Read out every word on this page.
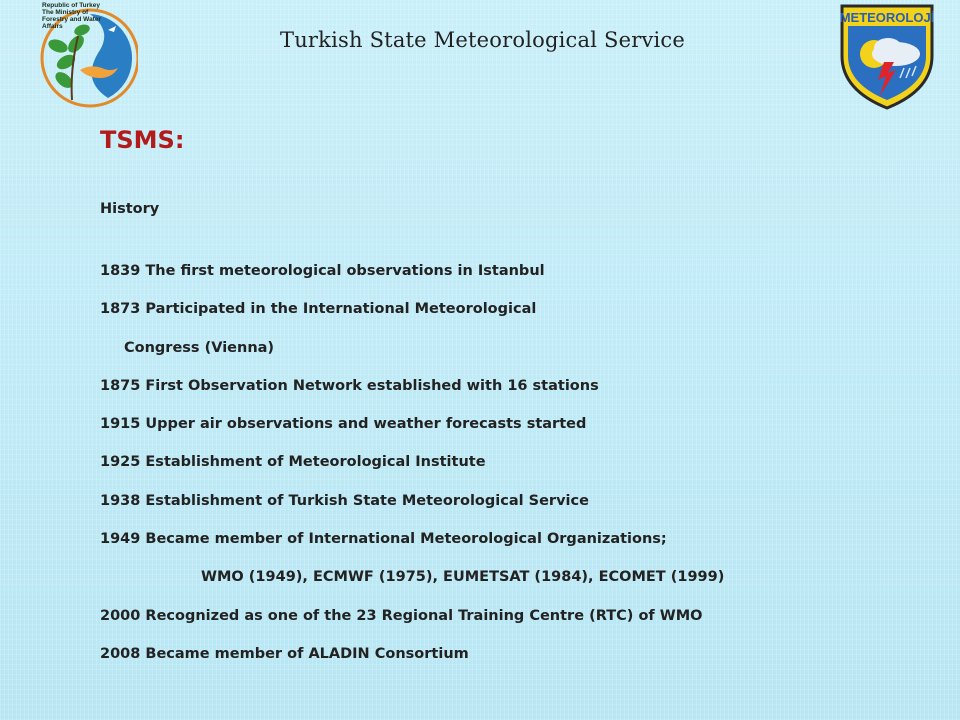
Republic of Turkey
The Ministry of
Forestry and Water
Affairs
Turkish State Meteorological Service
METEOROLOJİ
TSMS:
History
1839 The first meteorological observations in Istanbul
1873 Participated in the International Meteorological
Congress (Vienna)
1875 First Observation Network established with 16 stations
1915 Upper air observations and weather forecasts started
1925 Establishment of Meteorological Institute
1938 Establishment of Turkish State Meteorological Service
1949 Became member of International Meteorological Organizations;
WMO (1949), ECMWF (1975), EUMETSAT (1984), ECOMET (1999)
2000 Recognized as one of the 23 Regional Training Centre (RTC) of WMO
2008 Became member of ALADIN Consortium
